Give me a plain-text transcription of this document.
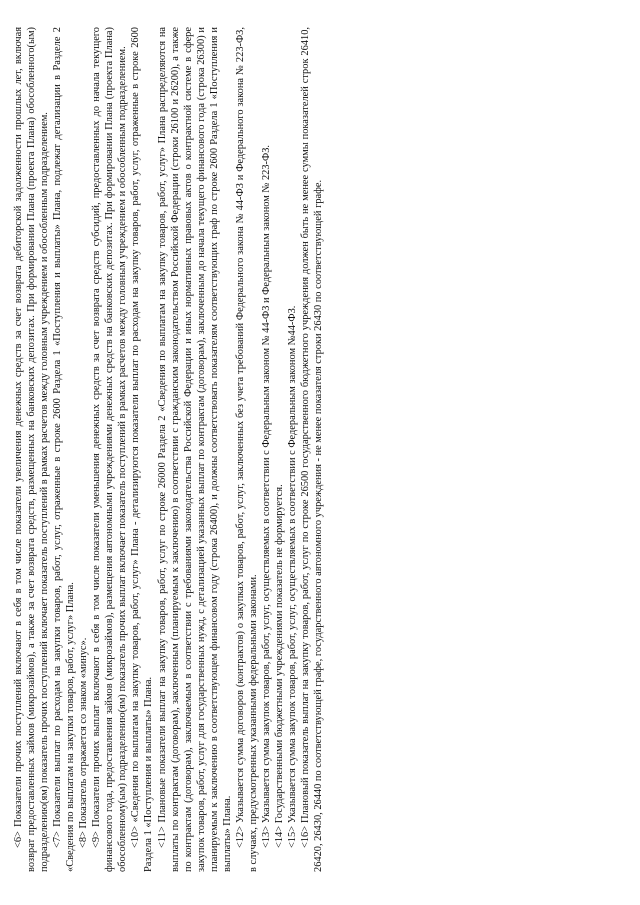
<6> Показатели прочих поступлений включают в себя в том числе показатели увеличения денежных средств за счет возврата дебиторской задолженности прошлых лет, включая возврат предоставленных займов (микрозаймов), а также за счет возврата средств, размещенных на банковских депозитах. При формировании Плана (проекта Плана) обособленного(ым) подразделению(ям) показатель прочих поступлений включает показатель поступлений в рамках расчетов между головным учреждением и обособленным подразделением. <7> Показатели выплат по расходам на закупки товаров, работ, услуг, отраженные в строке 2600 Раздела 1 «Поступления и выплаты» Плана, подлежат детализации в Разделе 2 «Сведения по выплатам на закупки товаров, работ, услуг» Плана. <8> Показатель отражается со знаком «минус». <9> Показатели прочих выплат включают в себя в том числе показатели уменьшения денежных средств за счет возврата средств субсидий, предоставленных до начала текущего финансового года, предоставления займов (микрозаймов), размещения автономными учреждениями денежных средств на банковских депозитах. При формировании Плана (проекта Плана) обособленному(ым) подразделению(ям) показатель прочих выплат включает показатель поступлений в рамках расчетов между головным учреждением и обособленным подразделением. <10> «Сведения по выплатам на закупку товаров, работ, услуг» Плана - детализируются показатели выплат по расходам на закупку товаров, работ, услуг, отраженные в строке 2600 Раздела 1 «Поступления и выплаты» Плана. <11> Плановые показатели выплат на закупку товаров, работ, услуг по строке 26000 Раздела 2 «Сведения по выплатам на закупку товаров, работ, услуг» Плана распределяются на выплаты по контрактам (договорам), заключенным (планируемым к заключению) в соответствии с гражданским законодательством Российской Федерации (строки 26100 и 26200), а также по контрактам (договорам), заключаемым в соответствии с требованиями законодательства Российской Федерации и иных нормативных правовых актов о контрактной системе в сфере закупок товаров, работ, услуг для государственных нужд, с детализацией указанных выплат по контрактам (договорам), заключенным до начала текущего финансового года (строка 26300) и планируемым к заключению в соответствующем финансовом году (строка 26400), и должны соответствовать показателям соответствующих граф по строке 2600 Раздела 1 «Поступления и выплаты» Плана. <12> Указывается сумма договоров (контрактов) о закупках товаров, работ, услуг, заключенных без учета требований Федерального закона № 44-ФЗ и Федерального закона № 223-ФЗ, в случаях, предусмотренных указанными федеральными законами. <13> Указывается сумма закупок товаров, работ, услуг, осуществляемых в соответствии с Федеральным законом № 44-ФЗ и Федеральным законом № 223-ФЗ. <14> Государственными бюджетными учреждениями показатель не формируется. <15> Указывается сумма закупок товаров, работ, услуг, осуществляемых в соответствии с Федеральным законом №44-ФЗ. <16> Плановый показатель выплат на закупку товаров, работ, услуг по строке 26500 государственного бюджетного учреждения должен быть не менее суммы показателей строк 26410, 26420, 26430, 26440 по соответствующей графе, государственного автономного учреждения - не менее показателя строки 26430 по соответствующей графе.
